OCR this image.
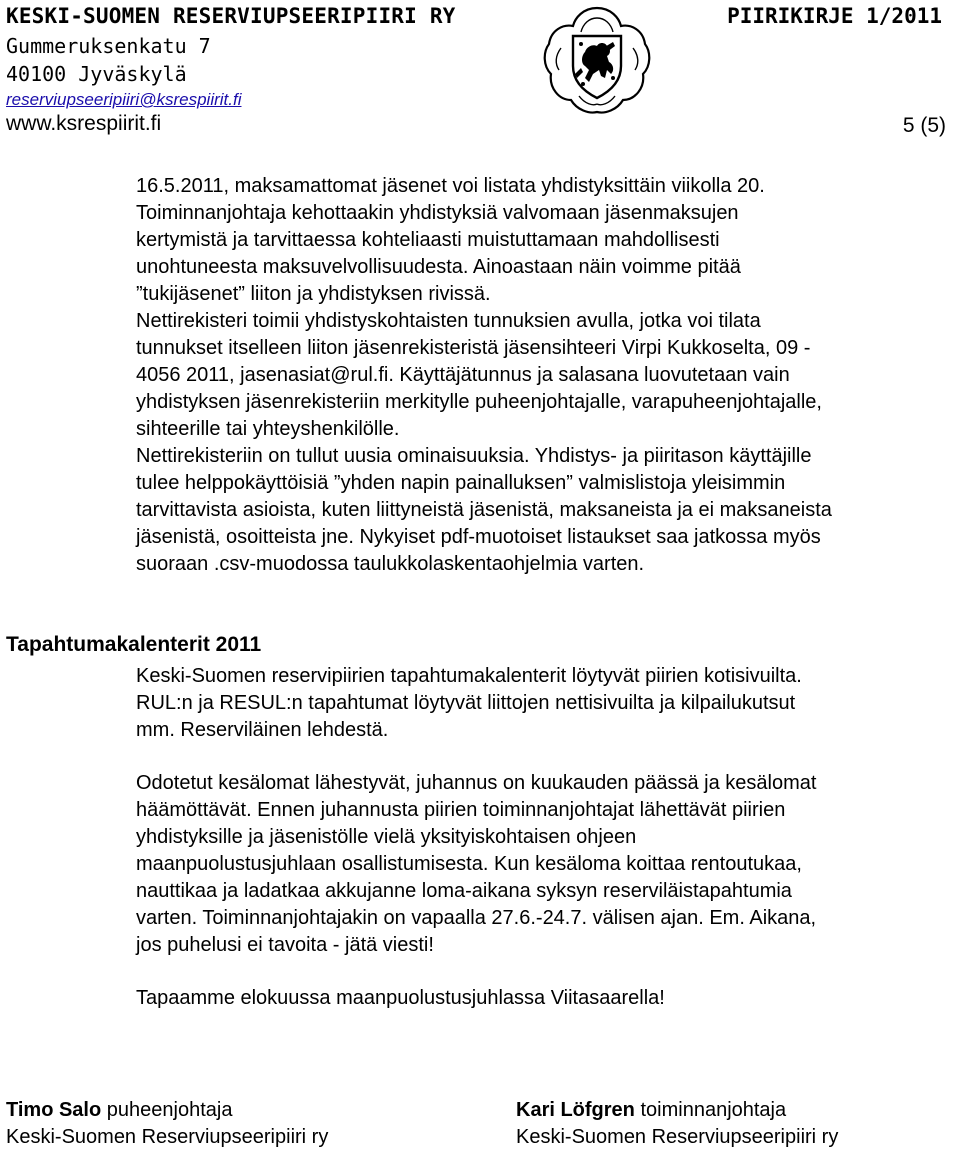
KESKI-SUOMEN RESERVIUPSEERIPIIRI RY	PIIRIKIRJE 1/2011
Gummeruksenkatu 7
40100 Jyväskylä
reserviupseeripiiri@ksrespiirit.fi
www.ksrespiirit.fi	5 (5)

16.5.2011, maksamattomat jäsenet voi listata yhdistyksittäin viikolla 20.

Toiminnanjohtaja kehottaakin yhdistyksiä valvomaan jäsenmaksujen

kertymistä ja tarvittaessa kohteliaasti muistuttamaan mahdollisesti

unohtuneesta maksuvelvollisuudesta. Ainoastaan näin voimme pitää

”tukijäsenet” liiton ja yhdistyksen rivissä.

Nettirekisteri toimii yhdistyskohtaisten tunnuksien avulla, jotka voi tilata

tunnukset itselleen liiton jäsenrekisteristä jäsensihteeri Virpi Kukkoselta, 09 -

4056 2011, jasenasiat@rul.fi. Käyttäjätunnus ja salasana luovutetaan vain

yhdistyksen jäsenrekisteriin merkitylle puheenjohtajalle, varapuheenjohtajalle,

sihteerille tai yhteyshenkilölle.

Nettirekisteriin on tullut uusia ominaisuuksia. Yhdistys- ja piiritason käyttäjille

tulee helppokäyttöisiä ”yhden napin painalluksen” valmislistoja yleisimmin

tarvittavista asioista, kuten liittyneistä jäsenistä, maksaneista ja ei maksaneista

jäsenistä, osoitteista jne. Nykyiset pdf-muotoiset listaukset saa jatkossa myös

suoraan .csv-muodossa taulukkolaskentaohjelmia varten.

Tapahtumakalenterit 2011

Keski-Suomen reservipiirien tapahtumakalenterit löytyvät piirien kotisivuilta.

RUL:n ja RESUL:n tapahtumat löytyvät liittojen nettisivuilta ja kilpailukutsut

mm. Reserviläinen lehdestä.

Odotetut kesälomat lähestyvät, juhannus on kuukauden päässä ja kesälomat

häämöttävät. Ennen juhannusta piirien toiminnanjohtajat lähettävät piirien

yhdistyksille ja jäsenistölle vielä yksityiskohtaisen ohjeen

maanpuolustusjuhlaan osallistumisesta. Kun kesäloma koittaa rentoutukaa,

nauttikaa ja ladatkaa akkujanne loma-aikana syksyn reserviläistapahtumia

varten. Toiminnanjohtajakin on vapaalla 27.6.-24.7. välisen ajan. Em. Aikana,

jos puhelusi ei tavoita - jätä viesti!

Tapaamme elokuussa maanpuolustusjuhlassa Viitasaarella!

Timo Salo puheenjohtaja
Keski-Suomen Reserviupseeripiiri ry
Kari Löfgren toiminnanjohtaja
Keski-Suomen Reserviupseeripiiri ry
